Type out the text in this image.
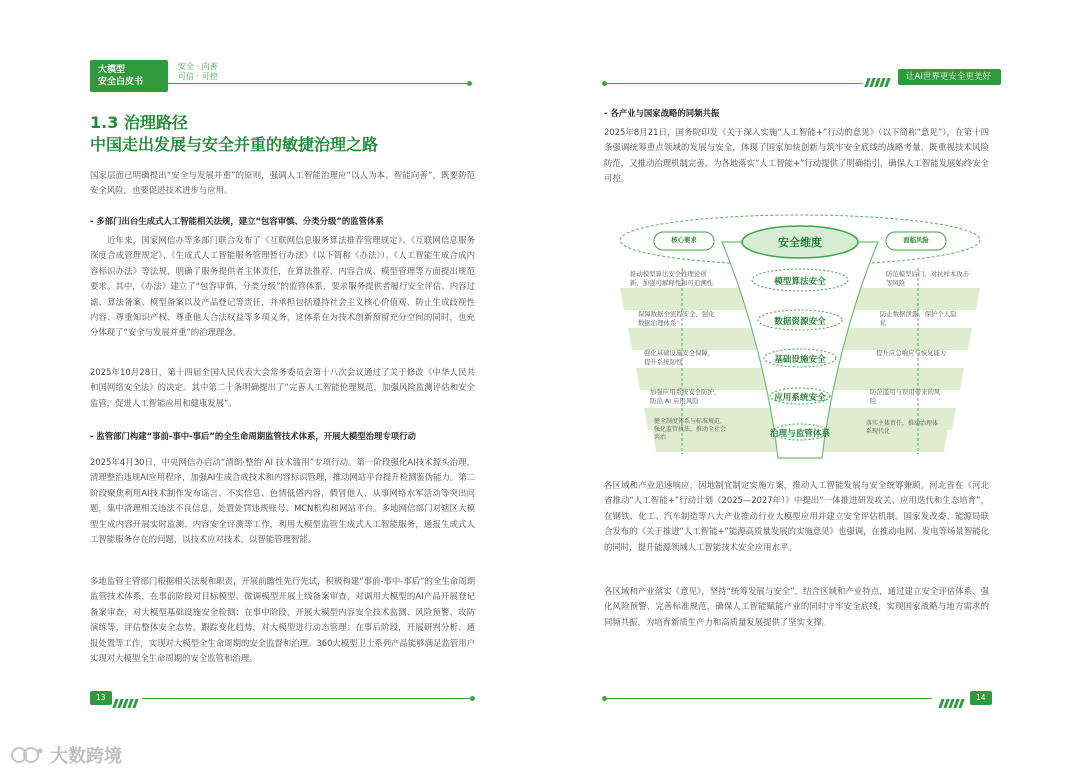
大模型
安全白皮书
安全 · 向善
可信 · 可控
1.3 治理路径
中国走出发展与安全并重的敏捷治理之路

国家层面已明确提出“安全与发展并重”的原则，强调人工智能治理应“以人为本、智能向善”，既要防范安全风险，也要促进技术进步与应用。

- 多部门出台生成式人工智能相关法规，建立“包容审慎、分类分级”的监管体系

近年来，国家网信办等多部门联合发布了《互联网信息服务算法推荐管理规定》、《互联网信息服务深度合成管理规定》、《生成式人工智能服务管理暂行办法》（以下简称《办法》）、《人工智能生成合成内容标识办法》等法规，明确了服务提供者主体责任，在算法推荐、内容合成、模型管理等方面提出规范要求。其中，《办法》建立了“包容审慎、分类分级”的监管体系，要求服务提供者履行安全评估、内容过滤、算法备案、模型备案以及产品登记等责任，并承担包括遵持社会主义核心价值观、防止生成歧视性内容、尊重知识产权、尊重他人合法权益等多项义务，这体系在为技术创新预留充分空间的同时，也充分体现了“安全与发展并重”的治理理念。

2025年10月28日，第十四届全国人民代表大会常务委员会第十八次会议通过了关于修改《中华人民共和国网络安全法》的决定。其中第二十条明确提出了“完善人工智能伦理规范，加强风险监测评估和安全监管，促进人工智能应用和健康发展”。

- 监管部门构建“事前-事中-事后”的全生命周期监管技术体系，开展大模型治理专项行动

2025年4月30日，中央网信办启动“清朗·整治 AI 技术滥用”专项行动。第一阶段强化AI技术源头治理，清理整治违规AI应用程序，加强AI生成合成技术和内容标识管理，推动网站平台提升检测鉴伪能力。第二阶段聚焦利用AI技术制作发布谣言、不实信息、色情低俗内容，假冒他人、从事网络水军活动等突出问题，集中清理相关违法不良信息，处置处罚违规账号、MCN机构和网站平台。多地网信部门对辖区大模型生成内容开展实时监测、内容安全评测等工作，利用大模型监管生成式人工智能服务，通报生成式人工智能服务存在的问题，以技术应对技术，以智能管理智能。

多地监管主管部门根据相关法规和职责，开展前瞻性先行先试，积极构建“事前-事中-事后”的全生命周期监管技术体系，在事前阶段对目标模型、微调模型开展上线备案审查，对调用大模型的AI产品开展登记备案审查，对大模型基础设施安全检测；在事中阶段，开展大模型内容安全技术监测、风险预警、攻防演练等，评估整体安全态势，跟踪变化趋势，对大模型进行动态管理；在事后阶段，开展研判分析、通报处置等工作，实现对大模型全生命周期的安全监督和治理。360大模型卫士系列产品能够满足监管用户实现对大模型全生命周期的安全监管和治理。

13
让AI世界更安全更美好
- 各产业与国家战略的同频共振

2025年8月21日，国务院印发《关于深入实施“人工智能+”行动的意见》（以下简称“意见”），在第十四条强调统筹重点领域的发展与安全，体现了国家加快创新与筑牢安全底线的战略考量，既重视技术风险防范，又推动治理机制完善，为各地落实“人工智能+”行动提供了明确指引，确保人工智能发展始终安全可控。

安全维度
核心要求	面临风险
模型算法安全
数据资源安全
基础设施安全
应用系统安全
治理与监管体系
推动模型算法安全性理论创新，加强可解释性和可追溯性
保障数据全流程安全，强化数据治理体系
强化基础设施安全保障，提升系统韧性
加强应用系统安全防护，防范 AI 应用风险
健全制度体系与标准规范，强化监管执法，推动全社会共治
防范模型后门、对抗样本攻击等风险
防止数据泄露，保护个人隐私
提升应急响应与恢复能力
防范滥用与误用带来的风险
落实主体责任，推动治理体系现代化

各区域和产业迅速响应，因地制宜制定实施方案，推动人工智能发展与安全统筹兼顾。河北省在《河北省推动“人工智能+”行动计划（2025—2027年）》中提出“一体推进研发攻关、应用迭代和生态培育”，在钢铁、化工、汽车制造等八大产业推动行业大模型应用并建立安全评估机制。国家发改委、能源局联合发布的《关于推进“人工智能+”能源高质量发展的实施意见》也强调，在推动电网、发电等场景智能化的同时，提升能源领域人工智能技术安全应用水平。

各区域和产业落实《意见》，坚持“统筹发展与安全”，结合区域和产业特点，通过建立安全评估体系、强化风险预警、完善标准规范，确保人工智能赋能产业的同时守牢安全底线，实现国家战略与地方需求的同频共振，为培育新质生产力和高质量发展提供了坚实支撑。

14
大数跨境
